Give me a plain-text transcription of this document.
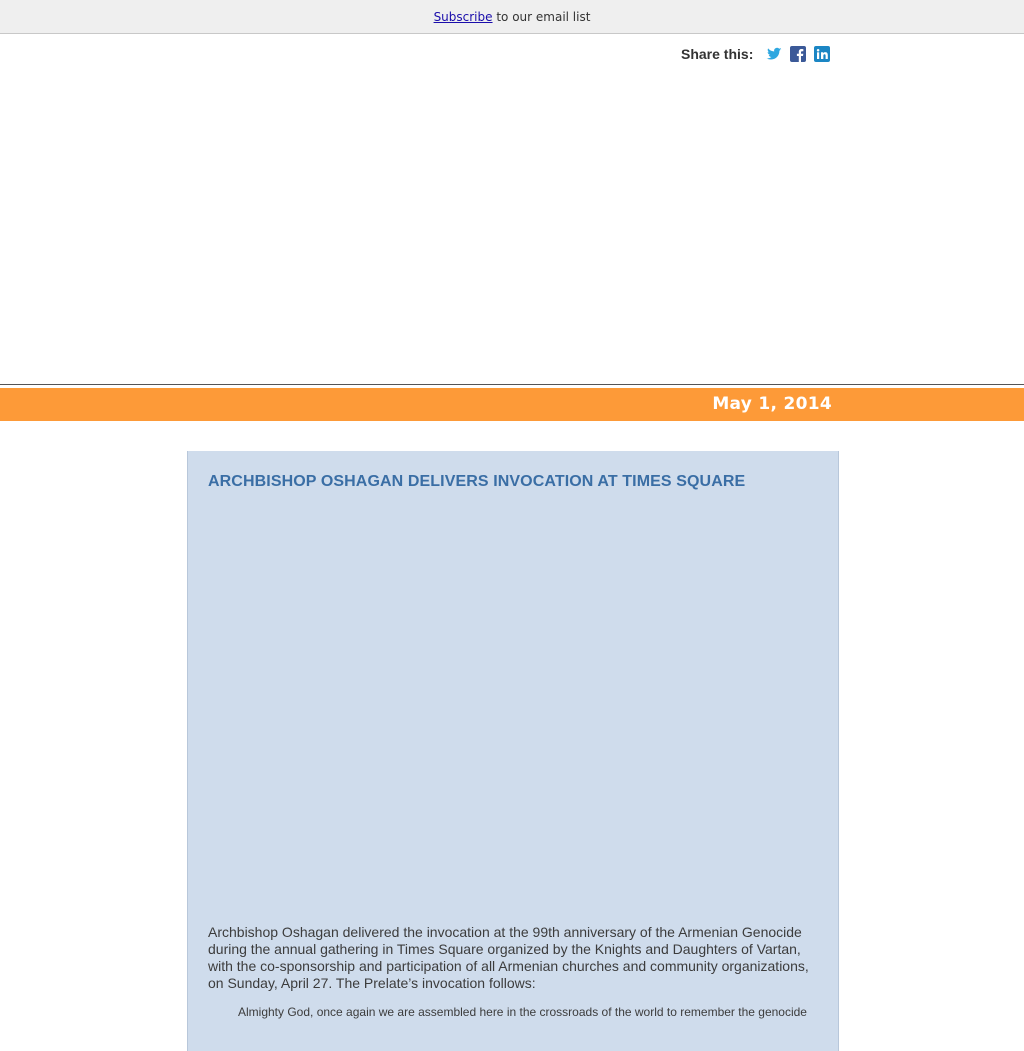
Subscribe to our email list
Share this:
May 1, 2014
ARCHBISHOP OSHAGAN DELIVERS INVOCATION AT TIMES SQUARE

Archbishop Oshagan delivered the invocation at the 99th anniversary of the Armenian Genocide during the annual gathering in Times Square organized by the Knights and Daughters of Vartan, with the co-sponsorship and participation of all Armenian churches and community organizations, on Sunday, April 27. The Prelate’s invocation follows:

Almighty God, once again we are assembled here in the crossroads of the world to remember the genocide
